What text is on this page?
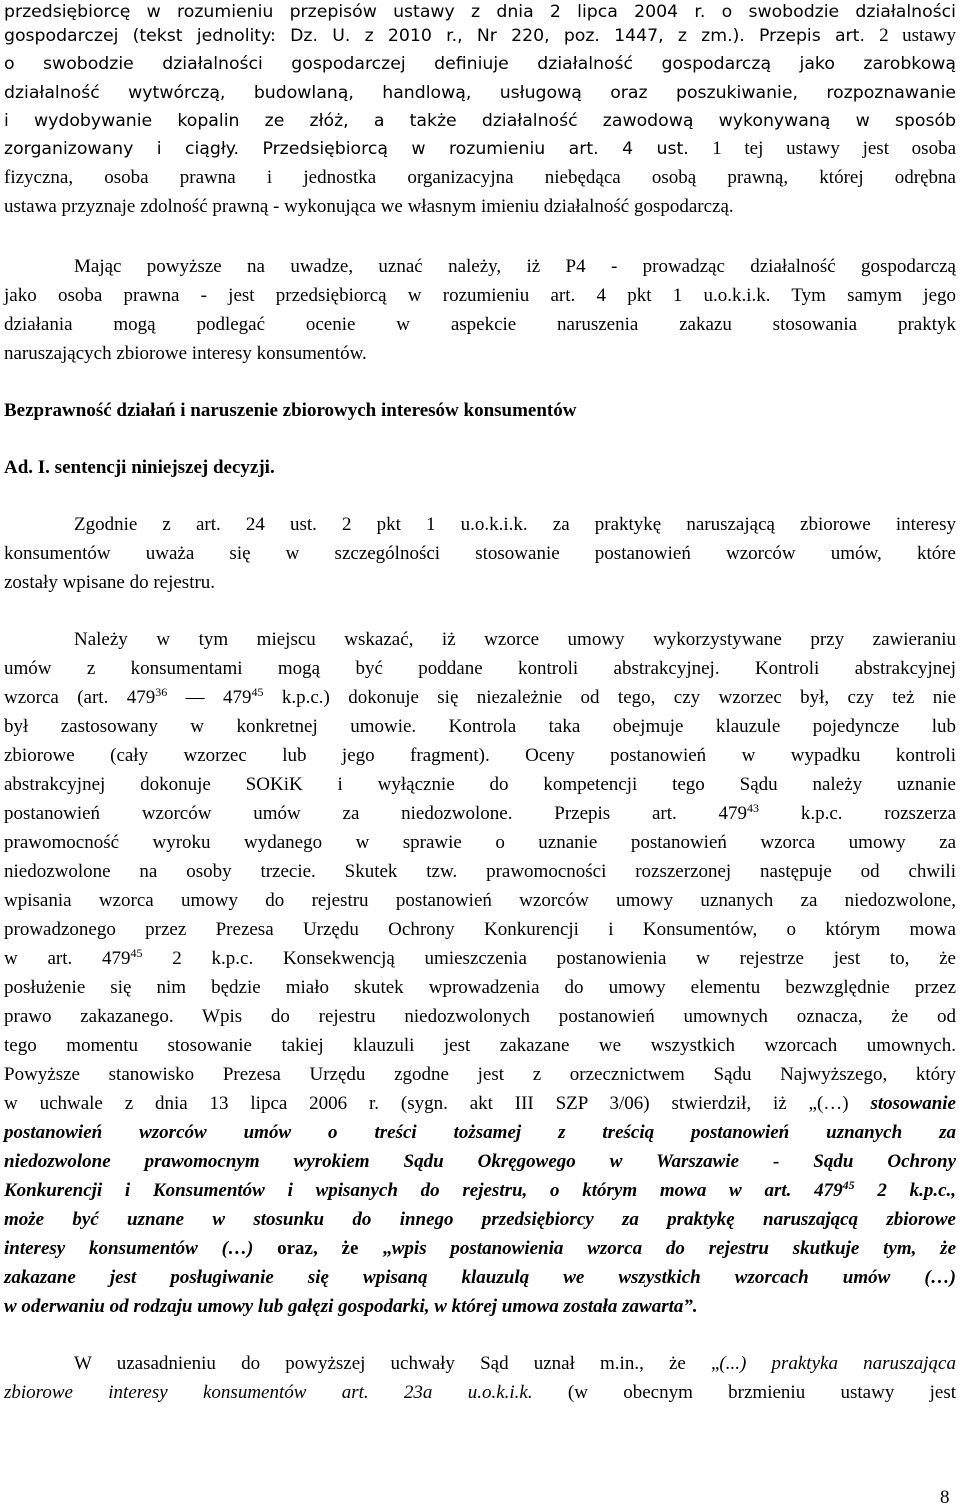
przedsiębiorcę w rozumieniu przepisów ustawy z dnia 2 lipca 2004 r. o swobodzie działalności
gospodarczej (tekst jednolity: Dz. U. z 2010 r., Nr 220, poz. 1447, z zm.). Przepis art. 2 ustawy
o swobodzie działalności gospodarczej definiuje działalność gospodarczą jako zarobkową
działalność wytwórczą, budowlaną, handlową, usługową oraz poszukiwanie, rozpoznawanie
i wydobywanie kopalin ze złóż, a także działalność zawodową wykonywaną w sposób
zorganizowany i ciągły. Przedsiębiorcą w rozumieniu art. 4 ust. 1 tej ustawy jest osoba
fizyczna, osoba prawna i jednostka organizacyjna niebędąca osobą prawną, której odrębna
ustawa przyznaje zdolność prawną - wykonująca we własnym imieniu działalność gospodarczą.
Mając powyższe na uwadze, uznać należy, iż P4 - prowadząc działalność gospodarczą
jako osoba prawna - jest przedsiębiorcą w rozumieniu art. 4 pkt 1 u.o.k.i.k. Tym samym jego
działania mogą podlegać ocenie w aspekcie naruszenia zakazu stosowania praktyk
naruszających zbiorowe interesy konsumentów.
Bezprawność działań i naruszenie zbiorowych interesów konsumentów
Ad. I. sentencji niniejszej decyzji.
Zgodnie z art. 24 ust. 2 pkt 1 u.o.k.i.k. za praktykę naruszającą zbiorowe interesy
konsumentów uważa się w szczególności stosowanie postanowień wzorców umów, które
zostały wpisane do rejestru.
Należy w tym miejscu wskazać, iż wzorce umowy wykorzystywane przy zawieraniu
umów z konsumentami mogą być poddane kontroli abstrakcyjnej. Kontroli abstrakcyjnej
wzorca (art. $479^{36}$ — $479^{45}$ k.p.c.) dokonuje się niezależnie od tego, czy wzorzec był, czy też nie
był zastosowany w konkretnej umowie. Kontrola taka obejmuje klauzule pojedyncze lub
zbiorowe (cały wzorzec lub jego fragment). Oceny postanowień w wypadku kontroli
abstrakcyjnej dokonuje SOKiK i wyłącznie do kompetencji tego Sądu należy uznanie
postanowień wzorców umów za niedozwolone. Przepis art. $479^{43}$ k.p.c. rozszerza
prawomocność wyroku wydanego w sprawie o uznanie postanowień wzorca umowy za
niedozwolone na osoby trzecie. Skutek tzw. prawomocności rozszerzonej następuje od chwili
wpisania wzorca umowy do rejestru postanowień wzorców umowy uznanych za niedozwolone,
prowadzonego przez Prezesa Urzędu Ochrony Konkurencji i Konsumentów, o którym mowa
w art. $479^{45}$ 2 k.p.c. Konsekwencją umieszczenia postanowienia w rejestrze jest to, że
posłużenie się nim będzie miało skutek wprowadzenia do umowy elementu bezwzględnie przez
prawo zakazanego. Wpis do rejestru niedozwolonych postanowień umownych oznacza, że od
tego momentu stosowanie takiej klauzuli jest zakazane we wszystkich wzorcach umownych.
Powyższe stanowisko Prezesa Urzędu zgodne jest z orzecznictwem Sądu Najwyższego, który
w uchwale z dnia 13 lipca 2006 r. (sygn. akt III SZP 3/06) stwierdził, iż „(…) stosowanie
postanowień wzorców umów o treści tożsamej z treścią postanowień uznanych za
niedozwolone prawomocnym wyrokiem Sądu Okręgowego w Warszawie - Sądu Ochrony
Konkurencji i Konsumentów i wpisanych do rejestru, o którym mowa w art. $479^{45}$ 2 k.p.c.,
może być uznane w stosunku do innego przedsiębiorcy za praktykę naruszającą zbiorowe
interesy konsumentów (…) oraz, że „wpis postanowienia wzorca do rejestru skutkuje tym, że
zakazane jest posługiwanie się wpisaną klauzulą we wszystkich wzorcach umów (…)
w oderwaniu od rodzaju umowy lub gałęzi gospodarki, w której umowa została zawarta”.
W uzasadnieniu do powyższej uchwały Sąd uznał m.in., że „(...) praktyka naruszająca
zbiorowe interesy konsumentów art. 23a u.o.k.i.k. (w obecnym brzmieniu ustawy jest
8
